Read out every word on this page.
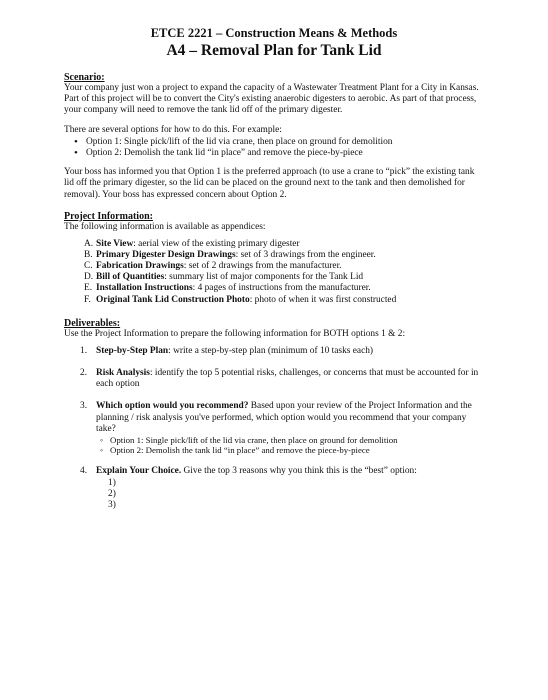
ETCE 2221 – Construction Means & Methods
A4 – Removal Plan for Tank Lid
Scenario:

Your company just won a project to expand the capacity of a Wastewater Treatment Plant for a City in Kansas. Part of this project will be to convert the City's existing anaerobic digesters to aerobic. As part of that process, your company will need to remove the tank lid off of the primary digester.

There are several options for how to do this. For example:

• Option 1: Single pick/lift of the lid via crane, then place on ground for demolition
• Option 2: Demolish the tank lid “in place” and remove the piece-by-piece

Your boss has informed you that Option 1 is the preferred approach (to use a crane to “pick” the existing tank lid off the primary digester, so the lid can be placed on the ground next to the tank and then demolished for removal). Your boss has expressed concern about Option 2.

Project Information:

The following information is available as appendices:

A. Site View: aerial view of the existing primary digester
B. Primary Digester Design Drawings: set of 3 drawings from the engineer.
C. Fabrication Drawings: set of 2 drawings from the manufacturer.
D. Bill of Quantities: summary list of major components for the Tank Lid
E. Installation Instructions: 4 pages of instructions from the manufacturer.
F. Original Tank Lid Construction Photo: photo of when it was first constructed
Deliverables:

Use the Project Information to prepare the following information for BOTH options 1 & 2:

1. Step-by-Step Plan: write a step-by-step plan (minimum of 10 tasks each)
2. Risk Analysis: identify the top 5 potential risks, challenges, or concerns that must be accounted for in each option
3. Which option would you recommend? Based upon your review of the Project Information and the planning / risk analysis you've performed, which option would you recommend that your company take?
◦ Option 1: Single pick/lift of the lid via crane, then place on ground for demolition
◦ Option 2: Demolish the tank lid “in place” and remove the piece-by-piece
4. Explain Your Choice. Give the top 3 reasons why you think this is the “best” option:
1)
2)
3)
